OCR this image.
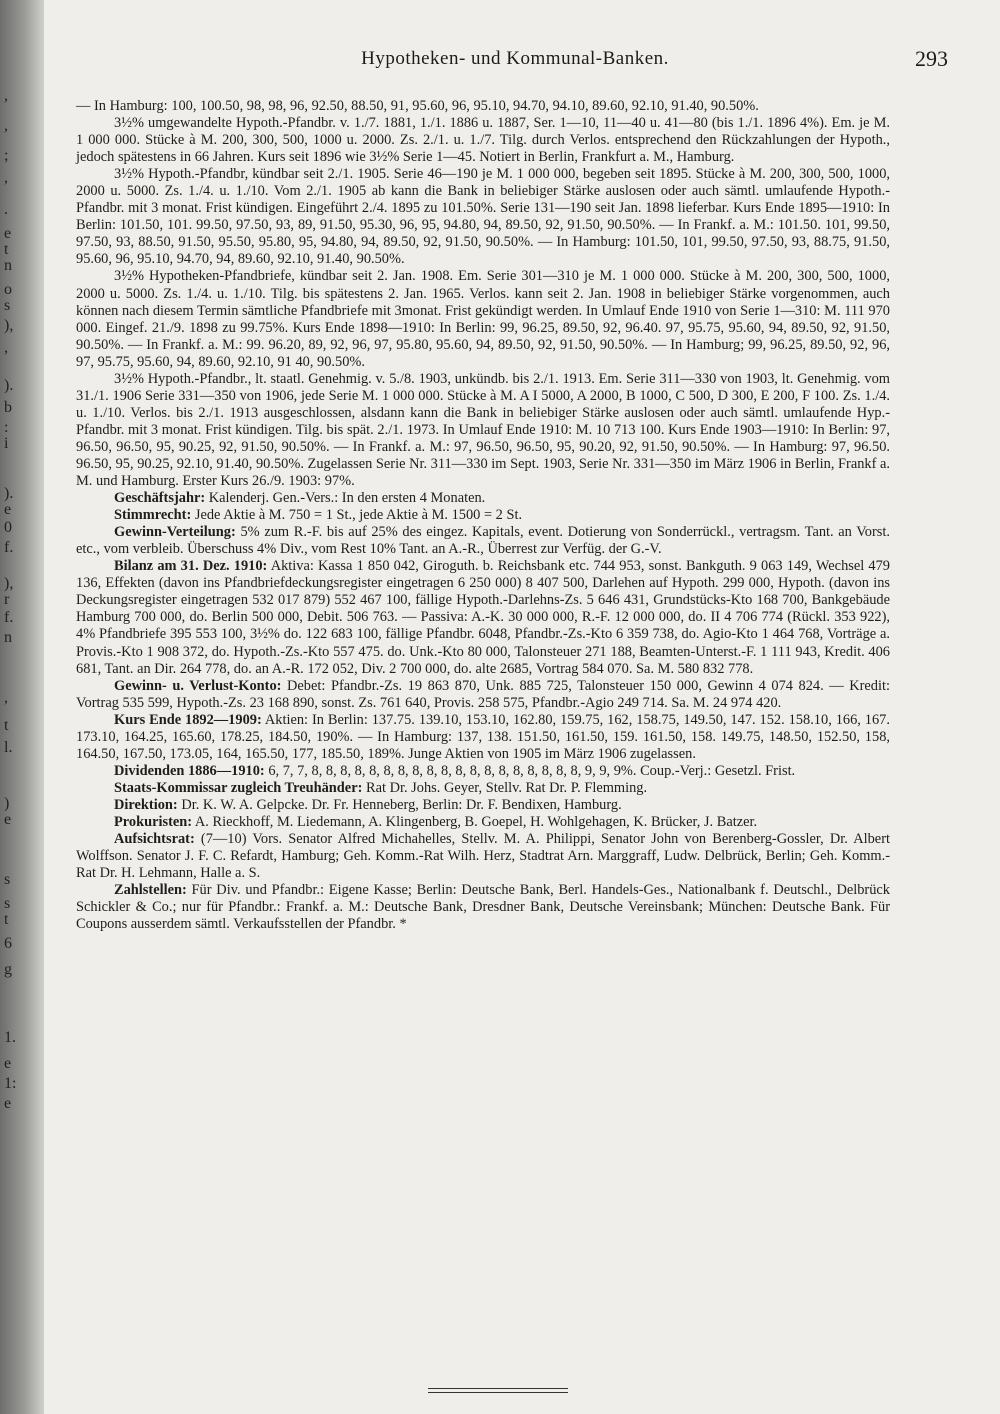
,
,
;
,
.
e
t
n
o
s
),
,
).
b
:
i
).
e
0
f.
),
r
f.
n
,
t
l.
)
e
s
s
t
6
g
1.
e
1:
e
Hypotheken- und Kommunal-Banken.	293

— In Hamburg: 100, 100.50, 98, 98, 96, 92.50, 88.50, 91, 95.60, 96, 95.10, 94.70, 94.10, 89.60, 92.10, 91.40, 90.50%.

3½% umgewandelte Hypoth.-Pfandbr. v. 1./7. 1881, 1./1. 1886 u. 1887, Ser. 1—10, 11—40 u. 41—80 (bis 1./1. 1896 4%). Em. je M. 1 000 000. Stücke à M. 200, 300, 500, 1000 u. 2000. Zs. 2./1. u. 1./7. Tilg. durch Verlos. entsprechend den Rückzahlungen der Hypoth., jedoch spätestens in 66 Jahren. Kurs seit 1896 wie 3½% Serie 1—45. Notiert in Berlin, Frankfurt a. M., Hamburg.

3½% Hypoth.-Pfandbr, kündbar seit 2./1. 1905. Serie 46—190 je M. 1 000 000, begeben seit 1895. Stücke à M. 200, 300, 500, 1000, 2000 u. 5000. Zs. 1./4. u. 1./10. Vom 2./1. 1905 ab kann die Bank in beliebiger Stärke auslosen oder auch sämtl. umlaufende Hypoth.-Pfandbr. mit 3 monat. Frist kündigen. Eingeführt 2./4. 1895 zu 101.50%. Serie 131—190 seit Jan. 1898 lieferbar. Kurs Ende 1895—1910: In Berlin: 101.50, 101. 99.50, 97.50, 93, 89, 91.50, 95.30, 96, 95, 94.80, 94, 89.50, 92, 91.50, 90.50%. — In Frankf. a. M.: 101.50. 101, 99.50, 97.50, 93, 88.50, 91.50, 95.50, 95.80, 95, 94.80, 94, 89.50, 92, 91.50, 90.50%. — In Hamburg: 101.50, 101, 99.50, 97.50, 93, 88.75, 91.50, 95.60, 96, 95.10, 94.70, 94, 89.60, 92.10, 91.40, 90.50%.

3½% Hypotheken-Pfandbriefe, kündbar seit 2. Jan. 1908. Em. Serie 301—310 je M. 1 000 000. Stücke à M. 200, 300, 500, 1000, 2000 u. 5000. Zs. 1./4. u. 1./10. Tilg. bis spätestens 2. Jan. 1965. Verlos. kann seit 2. Jan. 1908 in beliebiger Stärke vorgenommen, auch können nach diesem Termin sämtliche Pfandbriefe mit 3monat. Frist gekündigt werden. In Umlauf Ende 1910 von Serie 1—310: M. 111 970 000. Eingef. 21./9. 1898 zu 99.75%. Kurs Ende 1898—1910: In Berlin: 99, 96.25, 89.50, 92, 96.40. 97, 95.75, 95.60, 94, 89.50, 92, 91.50, 90.50%. — In Frankf. a. M.: 99. 96.20, 89, 92, 96, 97, 95.80, 95.60, 94, 89.50, 92, 91.50, 90.50%. — In Hamburg; 99, 96.25, 89.50, 92, 96, 97, 95.75, 95.60, 94, 89.60, 92.10, 91 40, 90.50%.

3½% Hypoth.-Pfandbr., lt. staatl. Genehmig. v. 5./8. 1903, unkündb. bis 2./1. 1913. Em. Serie 311—330 von 1903, lt. Genehmig. vom 31./1. 1906 Serie 331—350 von 1906, jede Serie M. 1 000 000. Stücke à M. A I 5000, A 2000, B 1000, C 500, D 300, E 200, F 100. Zs. 1./4. u. 1./10. Verlos. bis 2./1. 1913 ausgeschlossen, alsdann kann die Bank in beliebiger Stärke auslosen oder auch sämtl. umlaufende Hyp.-Pfandbr. mit 3 monat. Frist kündigen. Tilg. bis spät. 2./1. 1973. In Umlauf Ende 1910: M. 10 713 100. Kurs Ende 1903—1910: In Berlin: 97, 96.50, 96.50, 95, 90.25, 92, 91.50, 90.50%. — In Frankf. a. M.: 97, 96.50, 96.50, 95, 90.20, 92, 91.50, 90.50%. — In Hamburg: 97, 96.50. 96.50, 95, 90.25, 92.10, 91.40, 90.50%. Zugelassen Serie Nr. 311—330 im Sept. 1903, Serie Nr. 331—350 im März 1906 in Berlin, Frankf a. M. und Hamburg. Erster Kurs 26./9. 1903: 97%.

Geschäftsjahr: Kalenderj. Gen.-Vers.: In den ersten 4 Monaten.

Stimmrecht: Jede Aktie à M. 750 = 1 St., jede Aktie à M. 1500 = 2 St.

Gewinn-Verteilung: 5% zum R.-F. bis auf 25% des eingez. Kapitals, event. Dotierung von Sonderrückl., vertragsm. Tant. an Vorst. etc., vom verbleib. Überschuss 4% Div., vom Rest 10% Tant. an A.-R., Überrest zur Verfüg. der G.-V.

Bilanz am 31. Dez. 1910: Aktiva: Kassa 1 850 042, Giroguth. b. Reichsbank etc. 744 953, sonst. Bankguth. 9 063 149, Wechsel 479 136, Effekten (davon ins Pfandbriefdeckungsregister eingetragen 6 250 000) 8 407 500, Darlehen auf Hypoth. 299 000, Hypoth. (davon ins Deckungsregister eingetragen 532 017 879) 552 467 100, fällige Hypoth.-Darlehns-Zs. 5 646 431, Grundstücks-Kto 168 700, Bankgebäude Hamburg 700 000, do. Berlin 500 000, Debit. 506 763. — Passiva: A.-K. 30 000 000, R.-F. 12 000 000, do. II 4 706 774 (Rückl. 353 922), 4% Pfandbriefe 395 553 100, 3½% do. 122 683 100, fällige Pfandbr. 6048, Pfandbr.-Zs.-Kto 6 359 738, do. Agio-Kto 1 464 768, Vorträge a. Provis.-Kto 1 908 372, do. Hypoth.-Zs.-Kto 557 475. do. Unk.-Kto 80 000, Talonsteuer 271 188, Beamten-Unterst.-F. 1 111 943, Kredit. 406 681, Tant. an Dir. 264 778, do. an A.-R. 172 052, Div. 2 700 000, do. alte 2685, Vortrag 584 070. Sa. M. 580 832 778.

Gewinn- u. Verlust-Konto: Debet: Pfandbr.-Zs. 19 863 870, Unk. 885 725, Talonsteuer 150 000, Gewinn 4 074 824. — Kredit: Vortrag 535 599, Hypoth.-Zs. 23 168 890, sonst. Zs. 761 640, Provis. 258 575, Pfandbr.-Agio 249 714. Sa. M. 24 974 420.

Kurs Ende 1892—1909: Aktien: In Berlin: 137.75. 139.10, 153.10, 162.80, 159.75, 162, 158.75, 149.50, 147. 152. 158.10, 166, 167. 173.10, 164.25, 165.60, 178.25, 184.50, 190%. — In Hamburg: 137, 138. 151.50, 161.50, 159. 161.50, 158. 149.75, 148.50, 152.50, 158, 164.50, 167.50, 173.05, 164, 165.50, 177, 185.50, 189%. Junge Aktien von 1905 im März 1906 zugelassen.

Dividenden 1886—1910: 6, 7, 7, 8, 8, 8, 8, 8, 8, 8, 8, 8, 8, 8, 8, 8, 8, 8, 8, 8, 8, 8, 9, 9, 9%. Coup.-Verj.: Gesetzl. Frist.

Staats-Kommissar zugleich Treuhänder: Rat Dr. Johs. Geyer, Stellv. Rat Dr. P. Flemming.

Direktion: Dr. K. W. A. Gelpcke. Dr. Fr. Henneberg, Berlin: Dr. F. Bendixen, Hamburg.

Prokuristen: A. Rieckhoff, M. Liedemann, A. Klingenberg, B. Goepel, H. Wohlgehagen, K. Brücker, J. Batzer.

Aufsichtsrat: (7—10) Vors. Senator Alfred Michahelles, Stellv. M. A. Philippi, Senator John von Berenberg-Gossler, Dr. Albert Wolffson. Senator J. F. C. Refardt, Hamburg; Geh. Komm.-Rat Wilh. Herz, Stadtrat Arn. Marggraff, Ludw. Delbrück, Berlin; Geh. Komm.-Rat Dr. H. Lehmann, Halle a. S.

Zahlstellen: Für Div. und Pfandbr.: Eigene Kasse; Berlin: Deutsche Bank, Berl. Handels-Ges., Nationalbank f. Deutschl., Delbrück Schickler & Co.; nur für Pfandbr.: Frankf. a. M.: Deutsche Bank, Dresdner Bank, Deutsche Vereinsbank; München: Deutsche Bank. Für Coupons ausserdem sämtl. Verkaufsstellen der Pfandbr. *
